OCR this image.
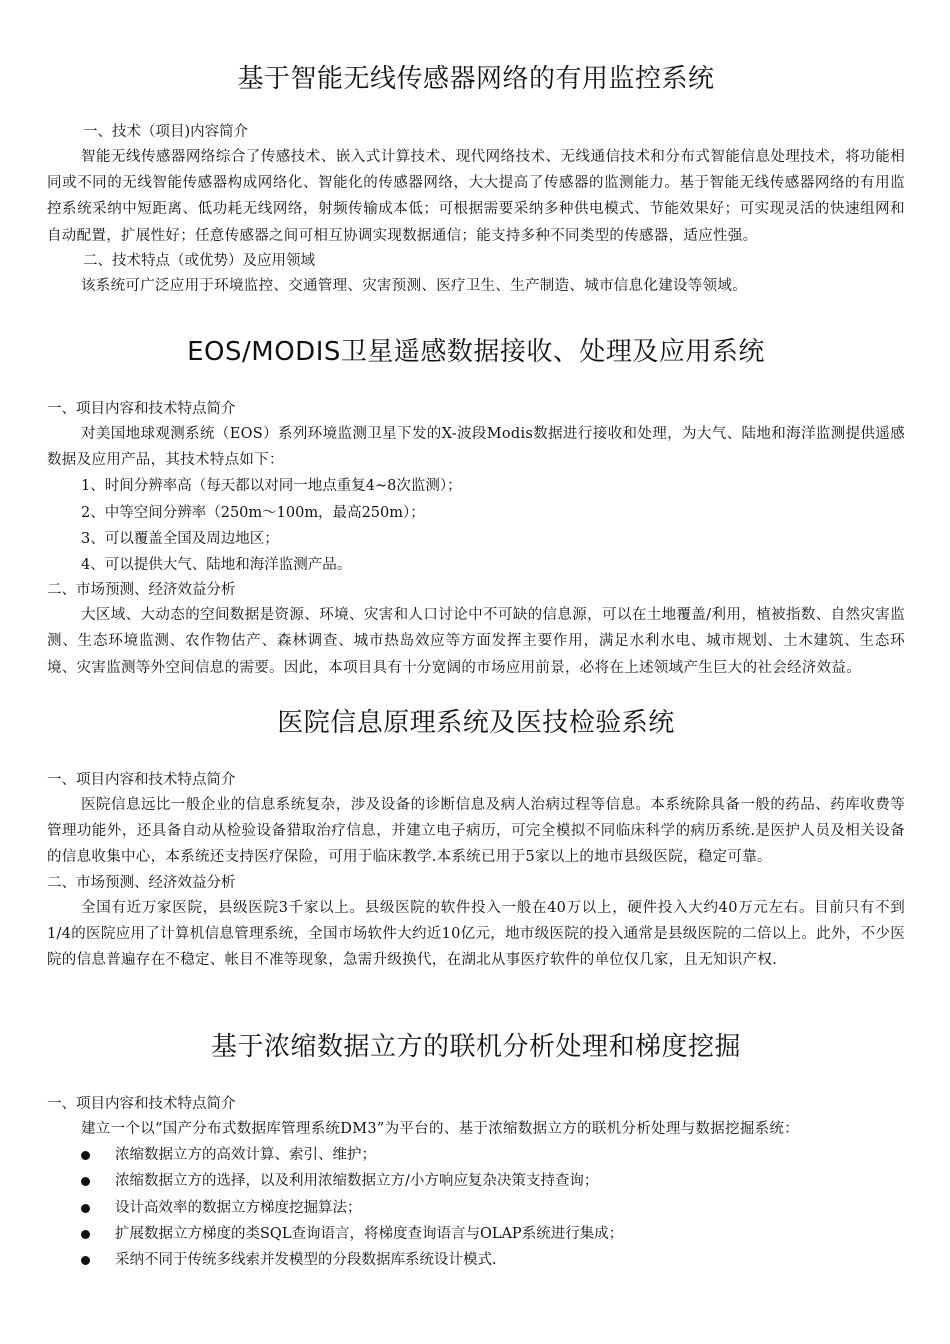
基于智能无线传感器网络的有用监控系统

一、技术（项目)内容简介

智能无线传感器网络综合了传感技术、嵌入式计算技术、现代网络技术、无线通信技术和分布式智能信息处理技术，将功能相同或不同的无线智能传感器构成网络化、智能化的传感器网络，大大提高了传感器的监测能力。基于智能无线传感器网络的有用监控系统采纳中短距离、低功耗无线网络，射频传输成本低；可根据需要采纳多种供电模式、节能效果好；可实现灵活的快速组网和自动配置，扩展性好；任意传感器之间可相互协调实现数据通信；能支持多种不同类型的传感器，适应性强。

二、技术特点（或优势）及应用领域

该系统可广泛应用于环境监控、交通管理、灾害预测、医疗卫生、生产制造、城市信息化建设等领域。

EOS/MODIS卫星遥感数据接收、处理及应用系统

一、项目内容和技术特点简介

对美国地球观测系统（EOS）系列环境监测卫星下发的X-波段Modis数据进行接收和处理，为大气、陆地和海洋监测提供遥感数据及应用产品，其技术特点如下：

1、时间分辨率高（每天都以对同一地点重复4~8次监测）；

2、中等空间分辨率（250m～100m，最高250m）；

3、可以覆盖全国及周边地区；

4、可以提供大气、陆地和海洋监测产品。

二、市场预测、经济效益分析

大区域、大动态的空间数据是资源、环境、灾害和人口讨论中不可缺的信息源，可以在土地覆盖/利用，植被指数、自然灾害监测、生态环境监测、农作物估产、森林调查、城市热岛效应等方面发挥主要作用，满足水利水电、城市规划、土木建筑、生态环境、灾害监测等外空间信息的需要。因此，本项目具有十分宽阔的市场应用前景，必将在上述领域产生巨大的社会经济效益。

医院信息原理系统及医技检验系统

一、项目内容和技术特点简介

医院信息远比一般企业的信息系统复杂，涉及设备的诊断信息及病人治病过程等信息。本系统除具备一般的药品、药库收费等管理功能外，还具备自动从检验设备猎取治疗信息，并建立电子病历，可完全模拟不同临床科学的病历系统.是医护人员及相关设备的信息收集中心，本系统还支持医疗保险，可用于临床教学.本系统已用于5家以上的地市县级医院，稳定可靠。

二、市场预测、经济效益分析

全国有近万家医院，县级医院3千家以上。县级医院的软件投入一般在40万以上，硬件投入大约40万元左右。目前只有不到1/4的医院应用了计算机信息管理系统，全国市场软件大约近10亿元，地市级医院的投入通常是县级医院的二倍以上。此外，不少医院的信息普遍存在不稳定、帐目不准等现象，急需升级换代，在湖北从事医疗软件的单位仅几家，且无知识产权.

基于浓缩数据立方的联机分析处理和梯度挖掘

一、项目内容和技术特点简介

建立一个以“国产分布式数据库管理系统DM3”为平台的、基于浓缩数据立方的联机分析处理与数据挖掘系统：

浓缩数据立方的高效计算、索引、维护；
浓缩数据立方的选择，以及利用浓缩数据立方/小方响应复杂决策支持查询；
设计高效率的数据立方梯度挖掘算法；
扩展数据立方梯度的类SQL查询语言，将梯度查询语言与OLAP系统进行集成；
采纳不同于传统多线索并发模型的分段数据库系统设计模式.
